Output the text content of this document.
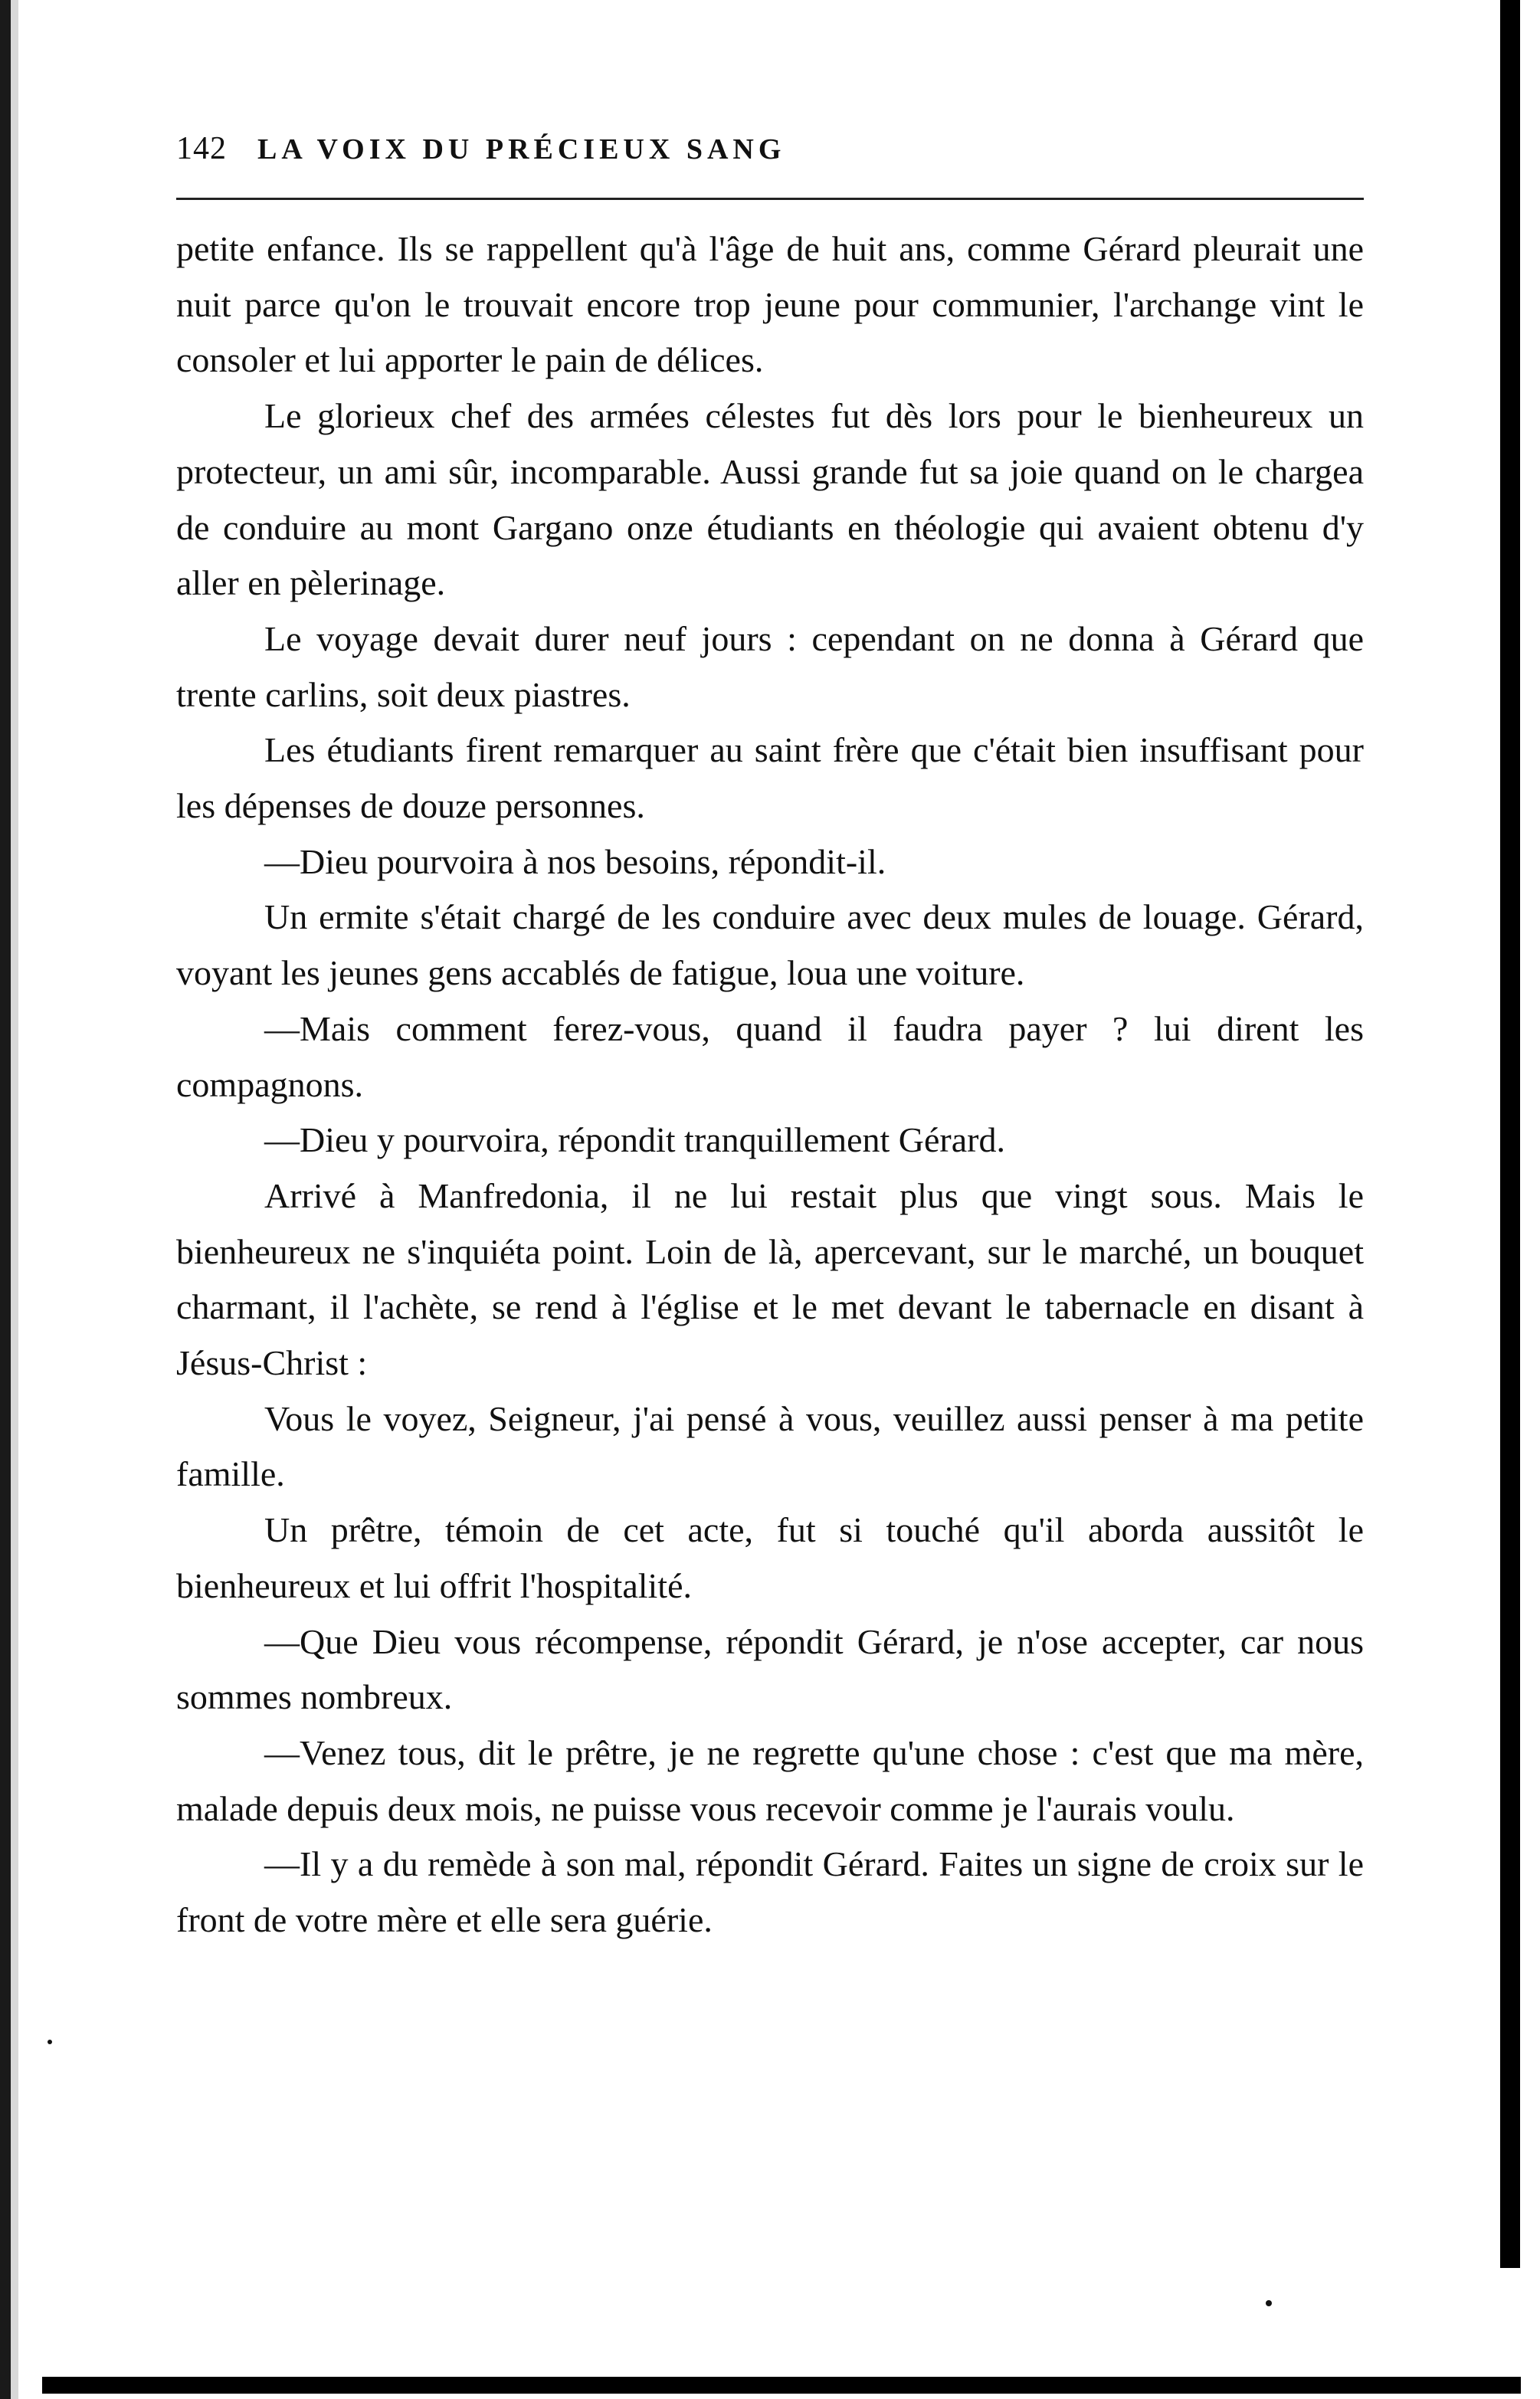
142 LA VOIX DU PRÉCIEUX SANG

petite enfance. Ils se rappellent qu'à l'âge de huit ans, comme Gérard pleurait une nuit parce qu'on le trouvait encore trop jeune pour communier, l'archange vint le consoler et lui apporter le pain de délices.

Le glorieux chef des armées célestes fut dès lors pour le bienheureux un protecteur, un ami sûr, incomparable. Aussi grande fut sa joie quand on le chargea de conduire au mont Gargano onze étudiants en théologie qui avaient obtenu d'y aller en pèlerinage.

Le voyage devait durer neuf jours : cependant on ne donna à Gérard que trente carlins, soit deux piastres.

Les étudiants firent remarquer au saint frère que c'était bien insuffisant pour les dépenses de douze personnes.

—Dieu pourvoira à nos besoins, répondit-il.

Un ermite s'était chargé de les conduire avec deux mules de louage. Gérard, voyant les jeunes gens accablés de fatigue, loua une voiture.

—Mais comment ferez-vous, quand il faudra payer ? lui dirent les compagnons.

—Dieu y pourvoira, répondit tranquillement Gérard.

Arrivé à Manfredonia, il ne lui restait plus que vingt sous. Mais le bienheureux ne s'inquiéta point. Loin de là, apercevant, sur le marché, un bouquet charmant, il l'achète, se rend à l'église et le met devant le tabernacle en disant à Jésus-Christ :

Vous le voyez, Seigneur, j'ai pensé à vous, veuillez aussi penser à ma petite famille.

Un prêtre, témoin de cet acte, fut si touché qu'il aborda aussitôt le bienheureux et lui offrit l'hospitalité.

—Que Dieu vous récompense, répondit Gérard, je n'ose accepter, car nous sommes nombreux.

—Venez tous, dit le prêtre, je ne regrette qu'une chose : c'est que ma mère, malade depuis deux mois, ne puisse vous recevoir comme je l'aurais voulu.

—Il y a du remède à son mal, répondit Gérard. Faites un signe de croix sur le front de votre mère et elle sera guérie.
